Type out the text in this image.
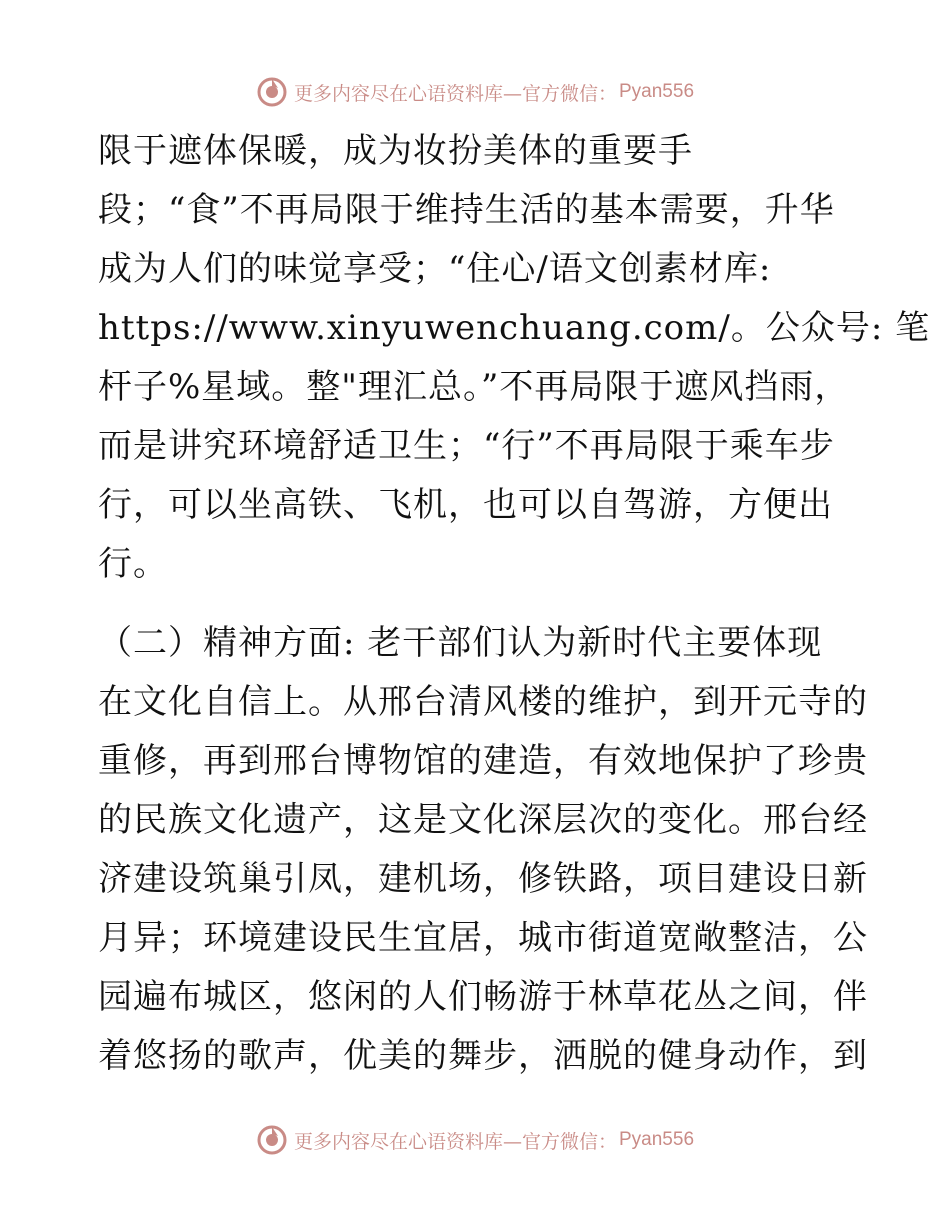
更多内容尽在心语资料库—官方微信： Pyan556
限于遮体保暖，成为妆扮美体的重要手
段；“食”不再局限于维持生活的基本需要，升华
成为人们的味觉享受；“住心/语文创素材库:
https://www.xinyuwenchuang.com/。公众号: 笔
杆子%星域。整"理汇总。”不再局限于遮风挡雨，
而是讲究环境舒适卫生；“行”不再局限于乘车步
行，可以坐高铁、飞机，也可以自驾游，方便出
行。
（二）精神方面: 老干部们认为新时代主要体现
在文化自信上。从邢台清风楼的维护，到开元寺的
重修，再到邢台博物馆的建造，有效地保护了珍贵
的民族文化遗产，这是文化深层次的变化。邢台经
济建设筑巢引凤，建机场，修铁路，项目建设日新
月异；环境建设民生宜居，城市街道宽敞整洁，公
园遍布城区，悠闲的人们畅游于林草花丛之间，伴
着悠扬的歌声，优美的舞步，洒脱的健身动作，到
更多内容尽在心语资料库—官方微信： Pyan556
